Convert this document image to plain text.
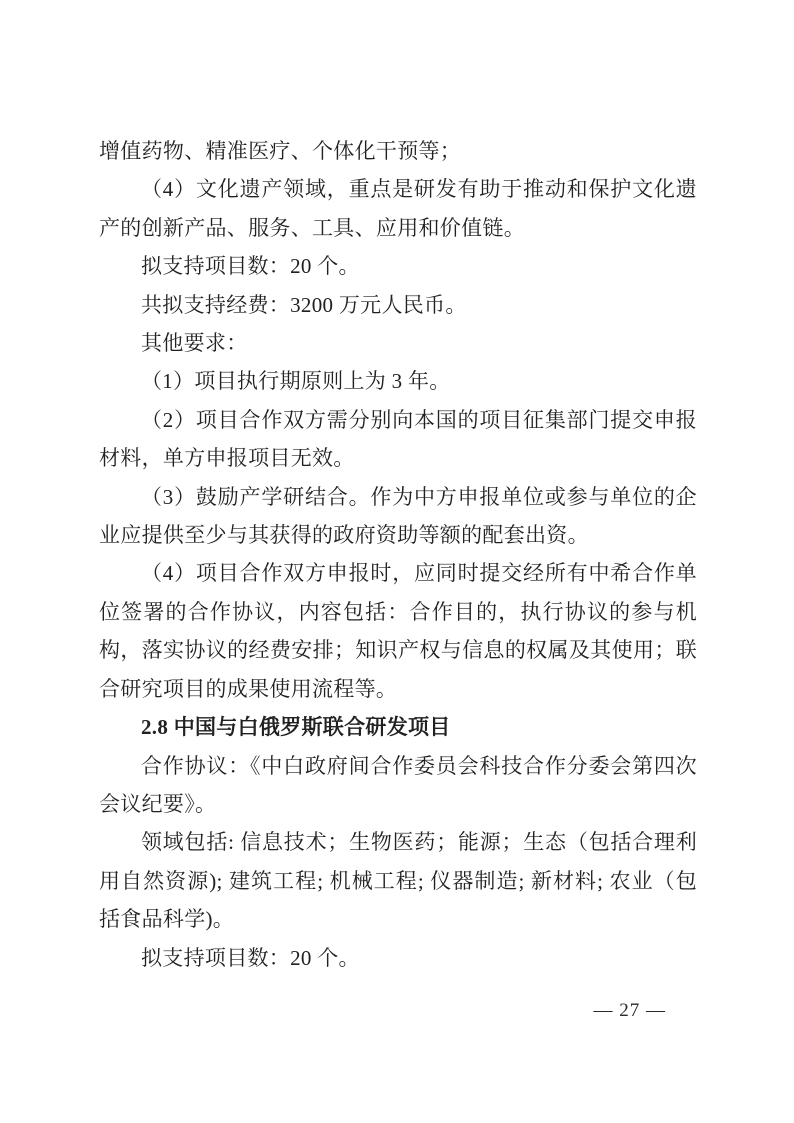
增值药物、精准医疗、个体化干预等；

（4）文化遗产领域，重点是研发有助于推动和保护文化遗产的创新产品、服务、工具、应用和价值链。

拟支持项目数：20 个。

共拟支持经费：3200 万元人民币。

其他要求：

（1）项目执行期原则上为 3 年。

（2）项目合作双方需分别向本国的项目征集部门提交申报材料，单方申报项目无效。

（3）鼓励产学研结合。作为中方申报单位或参与单位的企业应提供至少与其获得的政府资助等额的配套出资。

（4）项目合作双方申报时，应同时提交经所有中希合作单位签署的合作协议，内容包括：合作目的，执行协议的参与机构，落实协议的经费安排；知识产权与信息的权属及其使用；联合研究项目的成果使用流程等。

2.8 中国与白俄罗斯联合研发项目

合作协议：《中白政府间合作委员会科技合作分委会第四次会议纪要》。

领域包括: 信息技术；生物医药；能源；生态（包括合理利用自然资源); 建筑工程; 机械工程; 仪器制造; 新材料; 农业（包括食品科学)。

拟支持项目数：20 个。

— 27 —
